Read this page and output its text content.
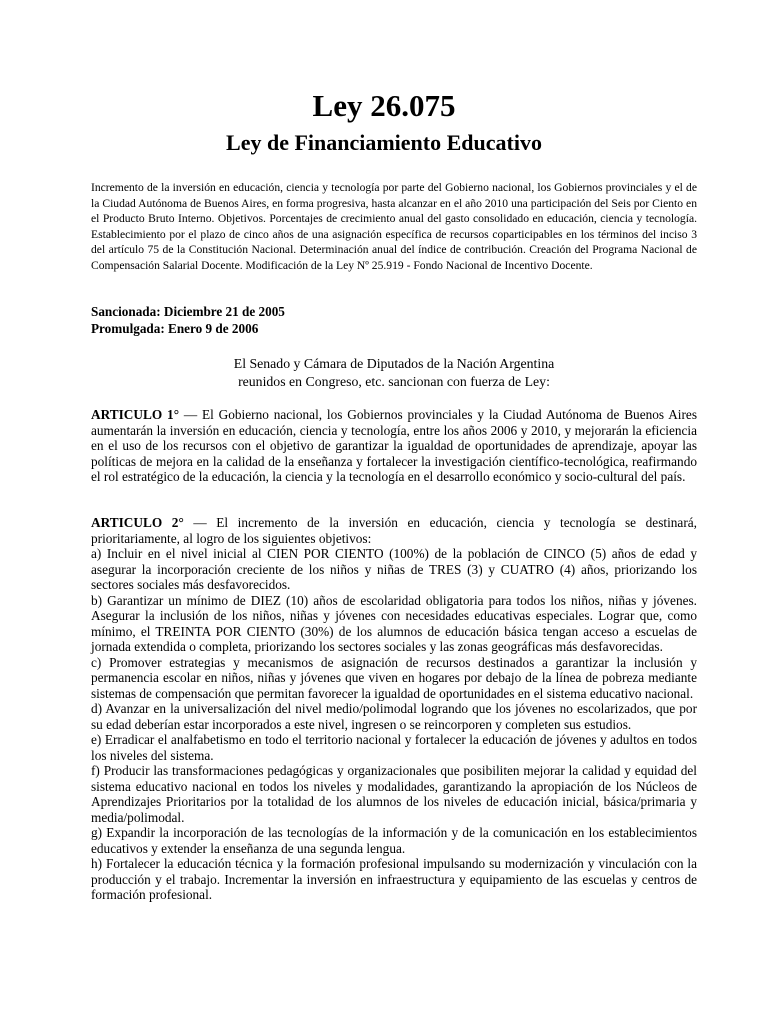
Ley 26.075
Ley de Financiamiento Educativo

Incremento de la inversión en educación, ciencia y tecnología por parte del Gobierno nacional, los Gobiernos provinciales y el de la Ciudad Autónoma de Buenos Aires, en forma progresiva, hasta alcanzar en el año 2010 una participación del Seis por Ciento en el Producto Bruto Interno. Objetivos. Porcentajes de crecimiento anual del gasto consolidado en educación, ciencia y tecnología. Establecimiento por el plazo de cinco años de una asignación específica de recursos coparticipables en los términos del inciso 3 del artículo 75 de la Constitución Nacional. Determinación anual del índice de contribución. Creación del Programa Nacional de Compensación Salarial Docente. Modificación de la Ley Nº 25.919 - Fondo Nacional de Incentivo Docente.

Sancionada: Diciembre 21 de 2005
Promulgada: Enero 9 de 2006
El Senado y Cámara de Diputados de la Nación Argentina
reunidos en Congreso, etc. sancionan con fuerza de Ley:

ARTICULO 1° — El Gobierno nacional, los Gobiernos provinciales y la Ciudad Autónoma de Buenos Aires aumentarán la inversión en educación, ciencia y tecnología, entre los años 2006 y 2010, y mejorarán la eficiencia en el uso de los recursos con el objetivo de garantizar la igualdad de oportunidades de aprendizaje, apoyar las políticas de mejora en la calidad de la enseñanza y fortalecer la investigación científico-tecnológica, reafirmando el rol estratégico de la educación, la ciencia y la tecnología en el desarrollo económico y socio-cultural del país.

ARTICULO 2° — El incremento de la inversión en educación, ciencia y tecnología se destinará, prioritariamente, al logro de los siguientes objetivos:

a) Incluir en el nivel inicial al CIEN POR CIENTO (100%) de la población de CINCO (5) años de edad y asegurar la incorporación creciente de los niños y niñas de TRES (3) y CUATRO (4) años, priorizando los sectores sociales más desfavorecidos.

b) Garantizar un mínimo de DIEZ (10) años de escolaridad obligatoria para todos los niños, niñas y jóvenes. Asegurar la inclusión de los niños, niñas y jóvenes con necesidades educativas especiales. Lograr que, como mínimo, el TREINTA POR CIENTO (30%) de los alumnos de educación básica tengan acceso a escuelas de jornada extendida o completa, priorizando los sectores sociales y las zonas geográficas más desfavorecidas.

c) Promover estrategias y mecanismos de asignación de recursos destinados a garantizar la inclusión y permanencia escolar en niños, niñas y jóvenes que viven en hogares por debajo de la línea de pobreza mediante sistemas de compensación que permitan favorecer la igualdad de oportunidades en el sistema educativo nacional.

d) Avanzar en la universalización del nivel medio/polimodal logrando que los jóvenes no escolarizados, que por su edad deberían estar incorporados a este nivel, ingresen o se reincorporen y completen sus estudios.

e) Erradicar el analfabetismo en todo el territorio nacional y fortalecer la educación de jóvenes y adultos en todos los niveles del sistema.

f) Producir las transformaciones pedagógicas y organizacionales que posibiliten mejorar la calidad y equidad del sistema educativo nacional en todos los niveles y modalidades, garantizando la apropiación de los Núcleos de Aprendizajes Prioritarios por la totalidad de los alumnos de los niveles de educación inicial, básica/primaria y media/polimodal.

g) Expandir la incorporación de las tecnologías de la información y de la comunicación en los establecimientos educativos y extender la enseñanza de una segunda lengua.

h) Fortalecer la educación técnica y la formación profesional impulsando su modernización y vinculación con la producción y el trabajo. Incrementar la inversión en infraestructura y equipamiento de las escuelas y centros de formación profesional.
